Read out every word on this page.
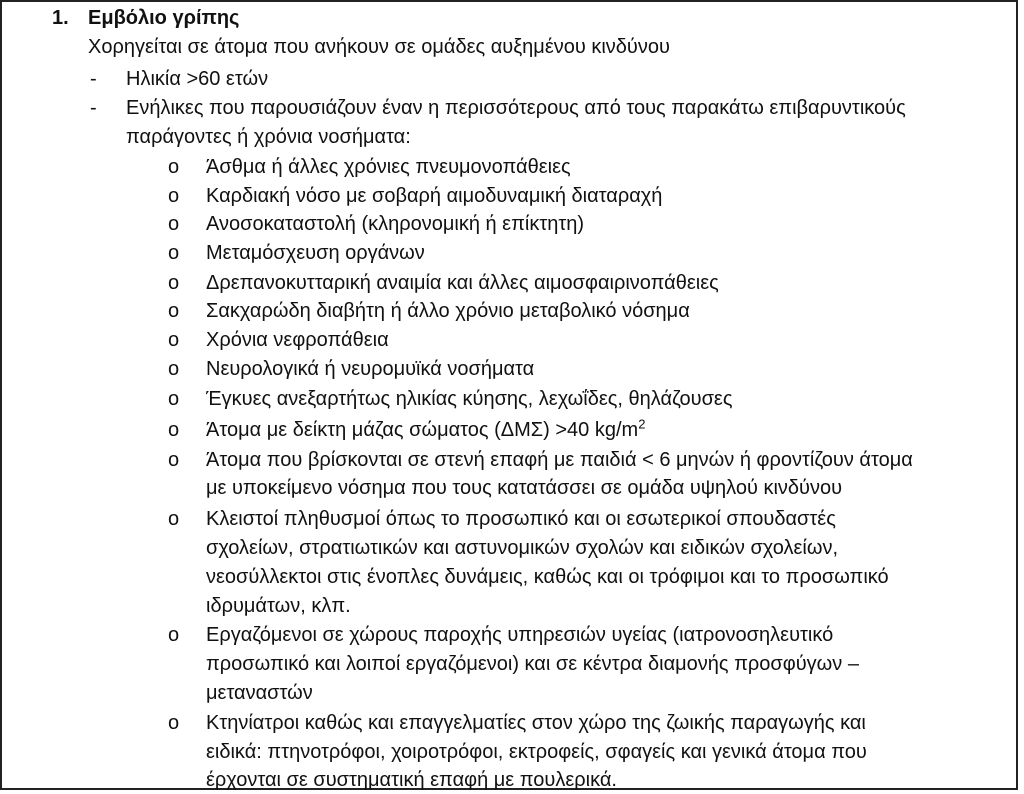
1. Εμβόλιο γρίπης
Χορηγείται σε άτομα που ανήκουν σε ομάδες αυξημένου κινδύνου
- Ηλικία >60 ετών
- Ενήλικες που παρουσιάζουν έναν η περισσότερους από τους παρακάτω επιβαρυντικούς
παράγοντες ή χρόνια νοσήματα:
o Άσθμα ή άλλες χρόνιες πνευμονοπάθειες
o Καρδιακή νόσο με σοβαρή αιμοδυναμική διαταραχή
o Ανοσοκαταστολή (κληρονομική ή επίκτητη)
o Μεταμόσχευση οργάνων
o Δρεπανοκυτταρική αναιμία και άλλες αιμοσφαιρινοπάθειες
o Σακχαρώδη διαβήτη ή άλλο χρόνιο μεταβολικό νόσημα
o Χρόνια νεφροπάθεια
o Νευρολογικά ή νευρομυϊκά νοσήματα
o Έγκυες ανεξαρτήτως ηλικίας κύησης, λεχωΐδες, θηλάζουσες
o Άτομα με δείκτη μάζας σώματος (ΔΜΣ) >40 $kg/m^2$
o Άτομα που βρίσκονται σε στενή επαφή με παιδιά < 6 μηνών ή φροντίζουν άτομα
με υποκείμενο νόσημα που τους κατατάσσει σε ομάδα υψηλού κινδύνου
o Κλειστοί πληθυσμοί όπως το προσωπικό και οι εσωτερικοί σπουδαστές
σχολείων, στρατιωτικών και αστυνομικών σχολών και ειδικών σχολείων,
νεοσύλλεκτοι στις ένοπλες δυνάμεις, καθώς και οι τρόφιμοι και το προσωπικό
ιδρυμάτων, κλπ.
o Εργαζόμενοι σε χώρους παροχής υπηρεσιών υγείας (ιατρονοσηλευτικό
προσωπικό και λοιποί εργαζόμενοι) και σε κέντρα διαμονής προσφύγων –
μεταναστών
o Κτηνίατροι καθώς και επαγγελματίες στον χώρο της ζωικής παραγωγής και
ειδικά: πτηνοτρόφοι, χοιροτρόφοι, εκτροφείς, σφαγείς και γενικά άτομα που
έρχονται σε συστηματική επαφή με πουλερικά.
